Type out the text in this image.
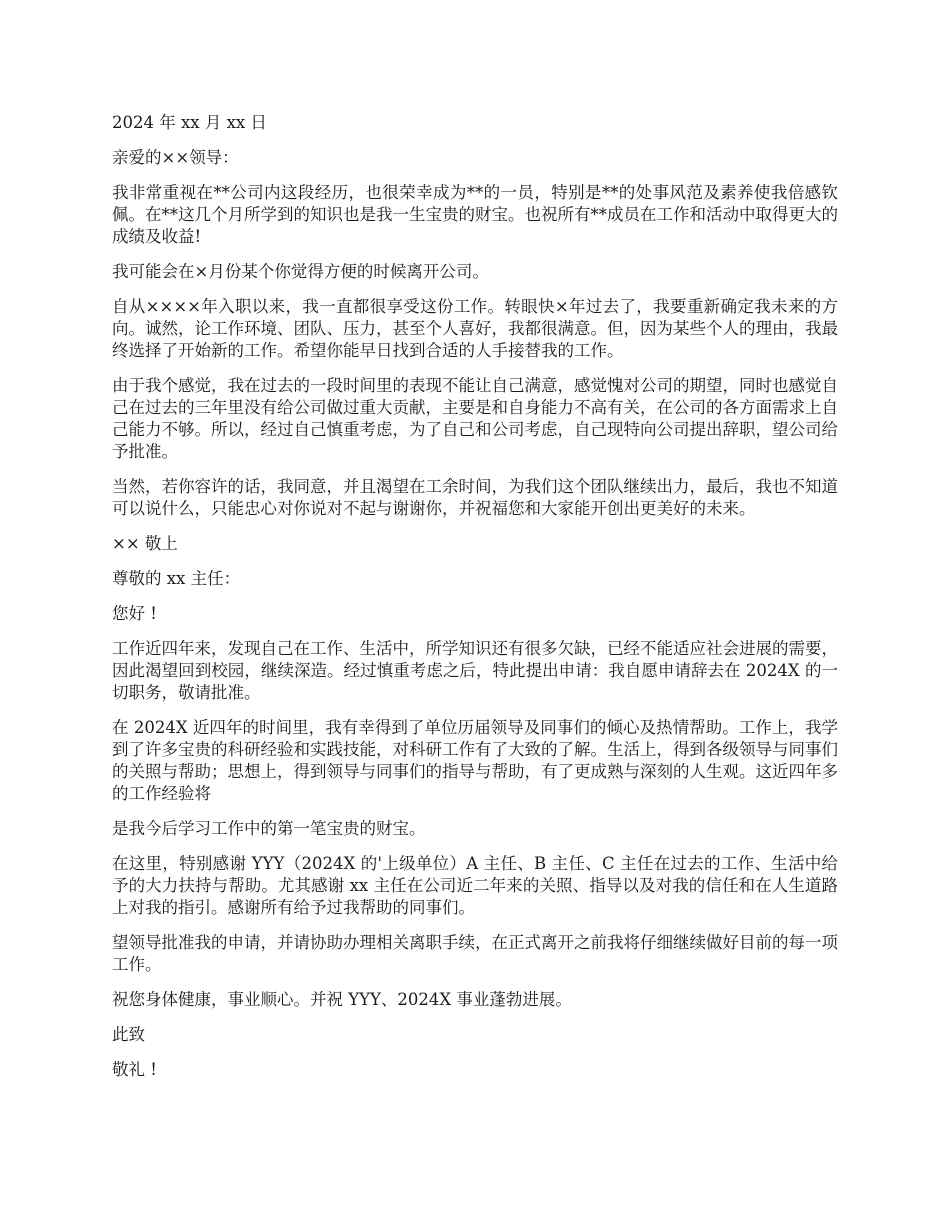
2024 年 xx 月 xx 日

亲爱的××领导：

我非常重视在**公司内这段经历，也很荣幸成为**的一员，特别是**的处事风范及素养使我倍感钦佩。在**这几个月所学到的知识也是我一生宝贵的财宝。也祝所有**成员在工作和活动中取得更大的成绩及收益!

我可能会在×月份某个你觉得方便的时候离开公司。

自从××××年入职以来，我一直都很享受这份工作。转眼快×年过去了，我要重新确定我未来的方向。诚然，论工作环境、团队、压力，甚至个人喜好，我都很满意。但，因为某些个人的理由，我最终选择了开始新的工作。希望你能早日找到合适的人手接替我的工作。

由于我个感觉，我在过去的一段时间里的表现不能让自己满意，感觉愧对公司的期望，同时也感觉自己在过去的三年里没有给公司做过重大贡献，主要是和自身能力不高有关，在公司的各方面需求上自己能力不够。所以，经过自己慎重考虑，为了自己和公司考虑，自己现特向公司提出辞职，望公司给予批准。

当然，若你容许的话，我同意，并且渴望在工余时间，为我们这个团队继续出力，最后，我也不知道可以说什么，只能忠心对你说对不起与谢谢你，并祝福您和大家能开创出更美好的未来。

×× 敬上

尊敬的 xx 主任：

您好 !

工作近四年来，发现自己在工作、生活中，所学知识还有很多欠缺，已经不能适应社会进展的需要，因此渴望回到校园，继续深造。经过慎重考虑之后，特此提出申请：我自愿申请辞去在 2024X 的一切职务，敬请批准。

在 2024X 近四年的时间里，我有幸得到了单位历届领导及同事们的倾心及热情帮助。工作上，我学到了许多宝贵的科研经验和实践技能，对科研工作有了大致的了解。生活上，得到各级领导与同事们的关照与帮助；思想上，得到领导与同事们的指导与帮助，有了更成熟与深刻的人生观。这近四年多的工作经验将

是我今后学习工作中的第一笔宝贵的财宝。

在这里，特别感谢 YYY（2024X 的'上级单位）A 主任、B 主任、C 主任在过去的工作、生活中给予的大力扶持与帮助。尤其感谢 xx 主任在公司近二年来的关照、指导以及对我的信任和在人生道路上对我的指引。感谢所有给予过我帮助的同事们。

望领导批准我的申请，并请协助办理相关离职手续，在正式离开之前我将仔细继续做好目前的每一项工作。

祝您身体健康，事业顺心。并祝 YYY、2024X 事业蓬勃进展。

此致

敬礼 !
